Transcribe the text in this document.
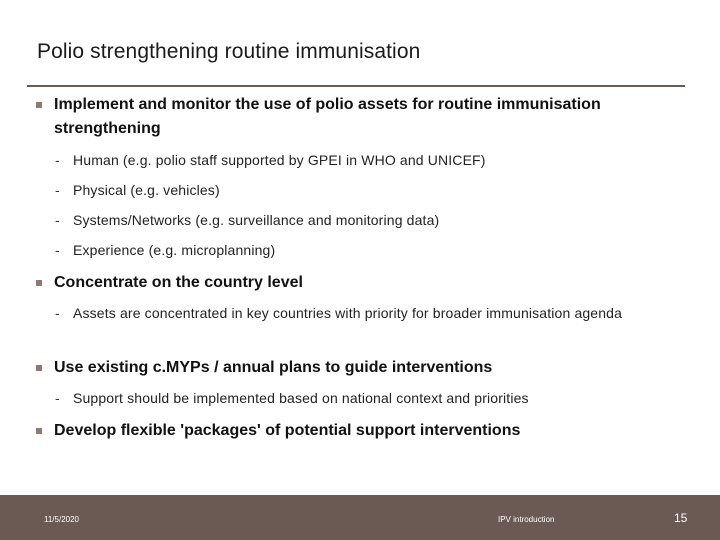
Polio strengthening routine immunisation
Implement and monitor the use of polio assets for routine immunisation strengthening
- Human (e.g. polio staff supported by GPEI in WHO and UNICEF)
- Physical (e.g. vehicles)
- Systems/Networks (e.g. surveillance and monitoring data)
- Experience (e.g. microplanning)
Concentrate on the country level
- Assets are concentrated in key countries with priority for broader immunisation agenda
Use existing c.MYPs / annual plans to guide interventions
- Support should be implemented based on national context and priorities
Develop flexible 'packages' of potential support interventions
11/5/2020	IPV introduction	15
